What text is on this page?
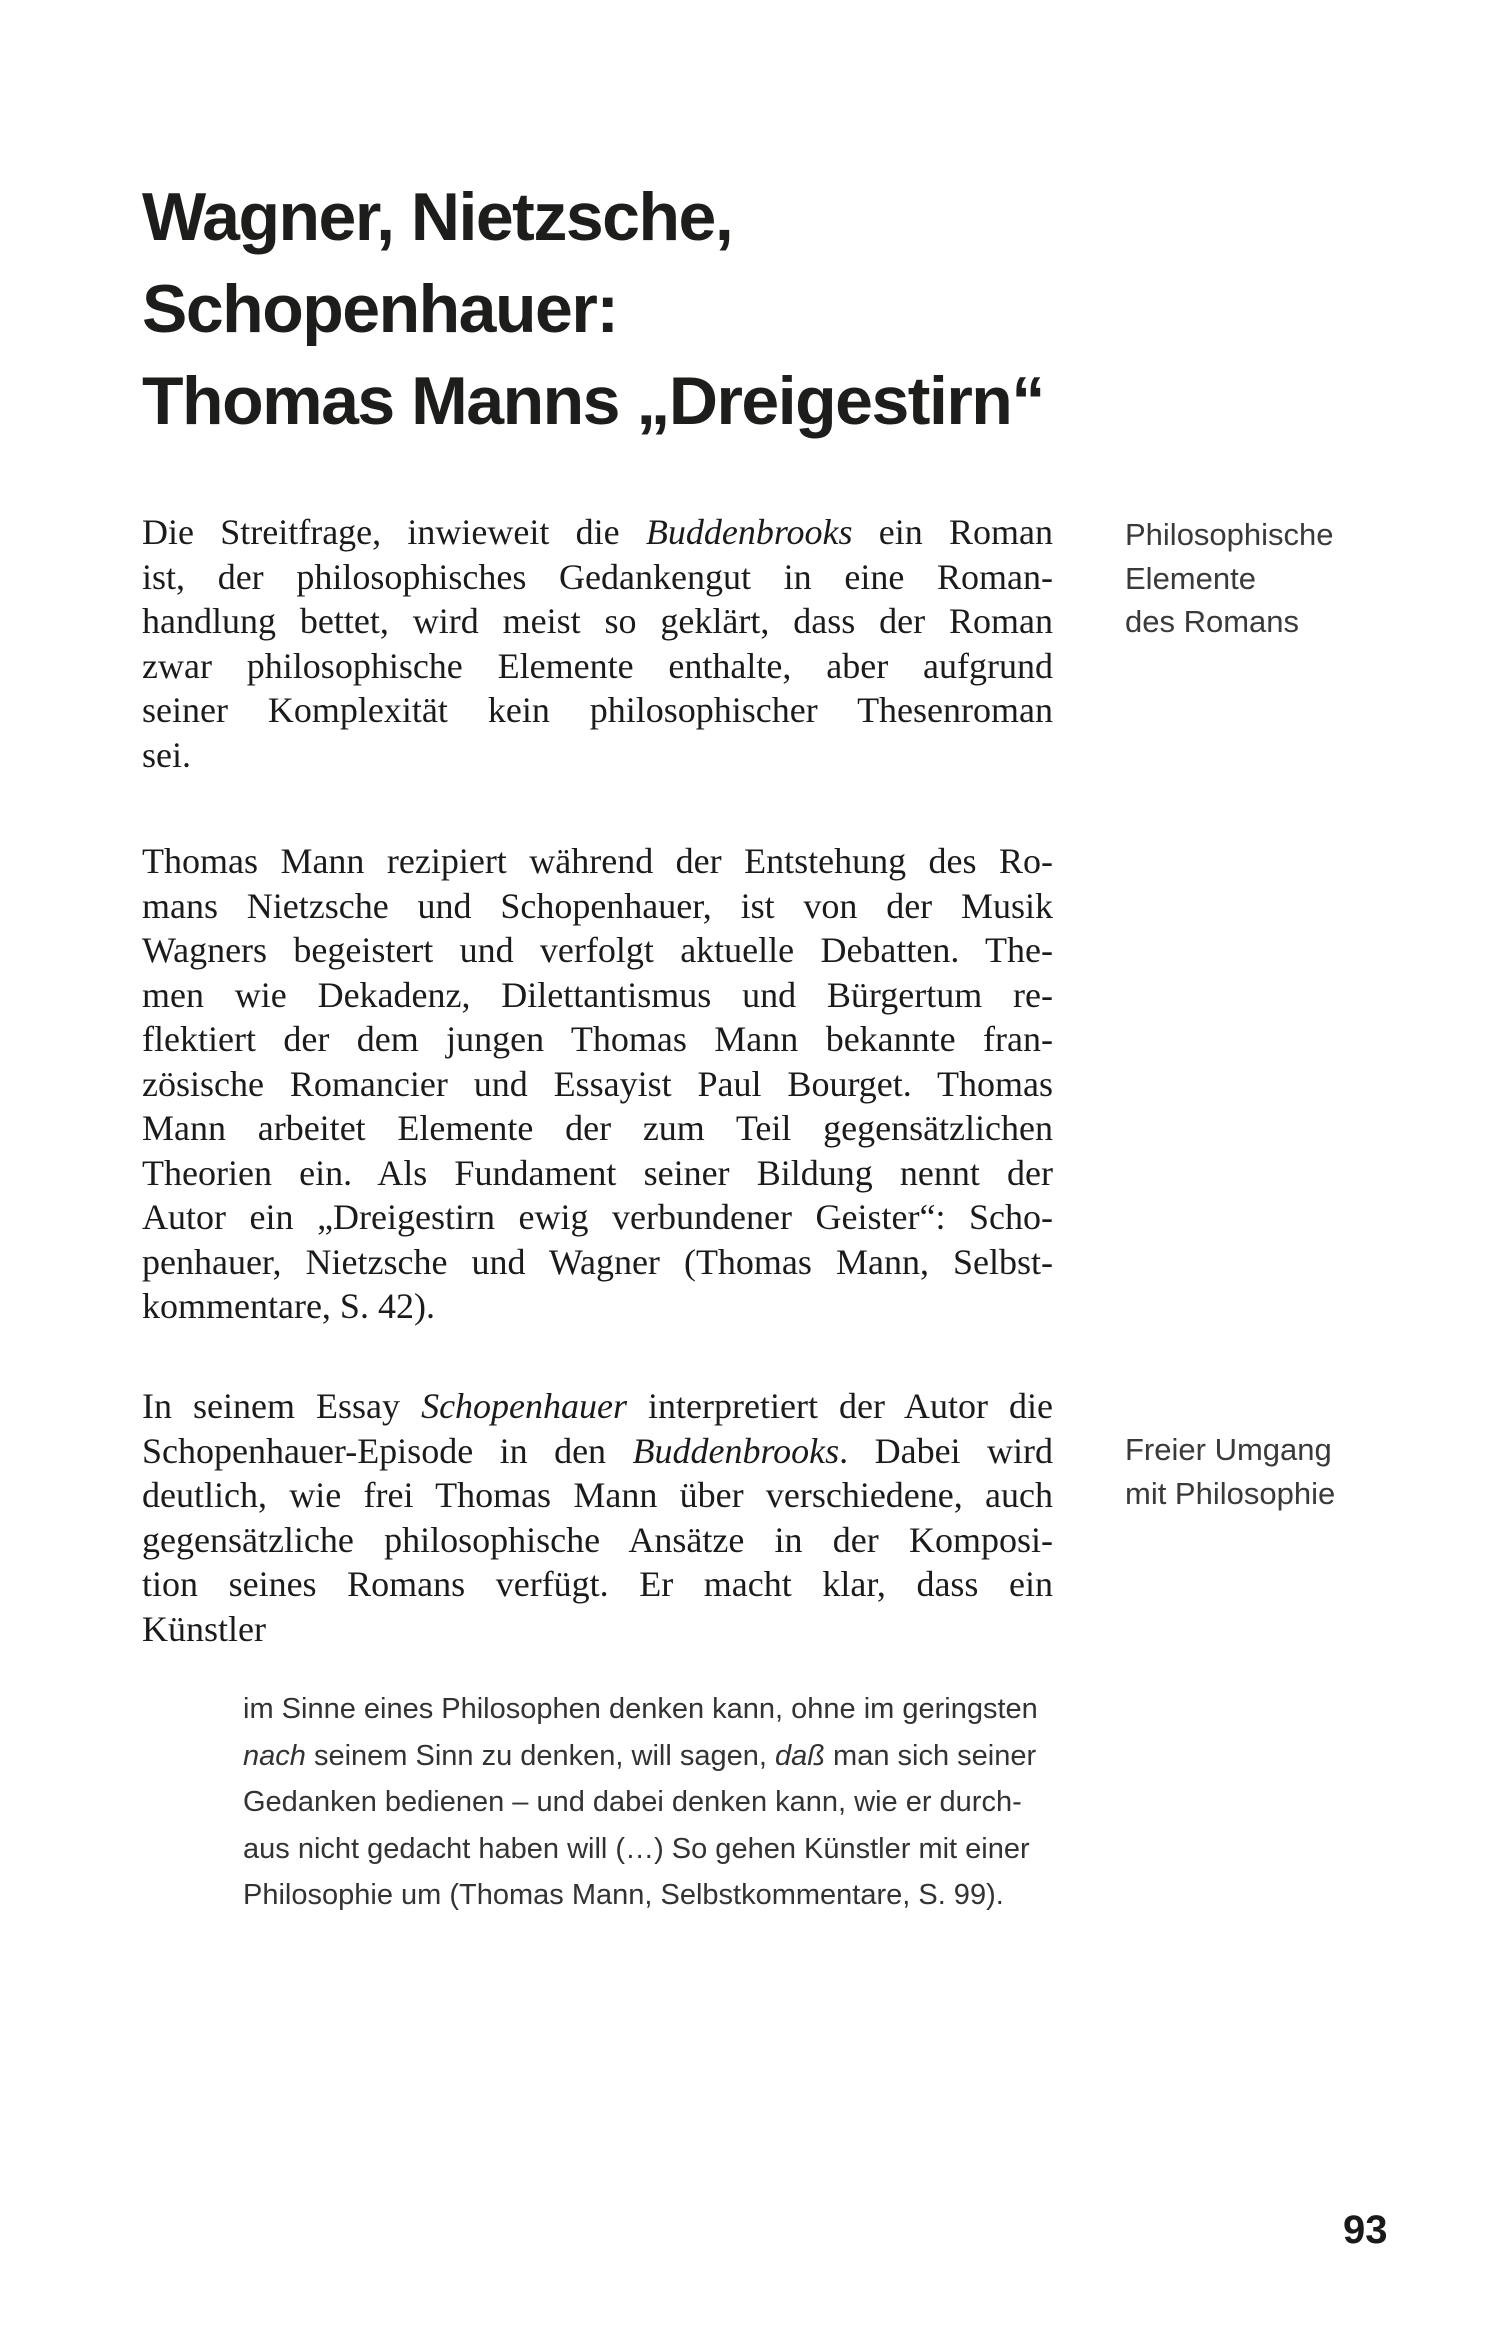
Wagner, Nietzsche,
Schopenhauer:
Thomas Manns „Dreigestirn“
Die Streitfrage, inwieweit die Buddenbrooks ein Roman
ist, der philosophisches Gedankengut in eine Roman-
handlung bettet, wird meist so geklärt, dass der Roman
zwar philosophische Elemente enthalte, aber aufgrund
seiner Komplexität kein philosophischer Thesenroman
sei.
Philosophische
Elemente
des Romans
Thomas Mann rezipiert während der Entstehung des Ro-
mans Nietzsche und Schopenhauer, ist von der Musik
Wagners begeistert und verfolgt aktuelle Debatten. The-
men wie Dekadenz, Dilettantismus und Bürgertum re-
flektiert der dem jungen Thomas Mann bekannte fran-
zösische Romancier und Essayist Paul Bourget. Thomas
Mann arbeitet Elemente der zum Teil gegensätzlichen
Theorien ein. Als Fundament seiner Bildung nennt der
Autor ein „Dreigestirn ewig verbundener Geister“: Scho-
penhauer, Nietzsche und Wagner (Thomas Mann, Selbst-
kommentare, S. 42).
In seinem Essay Schopenhauer interpretiert der Autor die
Schopenhauer-Episode in den Buddenbrooks. Dabei wird
deutlich, wie frei Thomas Mann über verschiedene, auch
gegensätzliche philosophische Ansätze in der Komposi-
tion seines Romans verfügt. Er macht klar, dass ein
Künstler
Freier Umgang
mit Philosophie
im Sinne eines Philosophen denken kann, ohne im geringsten
nach seinem Sinn zu denken, will sagen, daß man sich seiner
Gedanken bedienen – und dabei denken kann, wie er durch-
aus nicht gedacht haben will (…) So gehen Künstler mit einer
Philosophie um (Thomas Mann, Selbstkommentare, S. 99).
93
